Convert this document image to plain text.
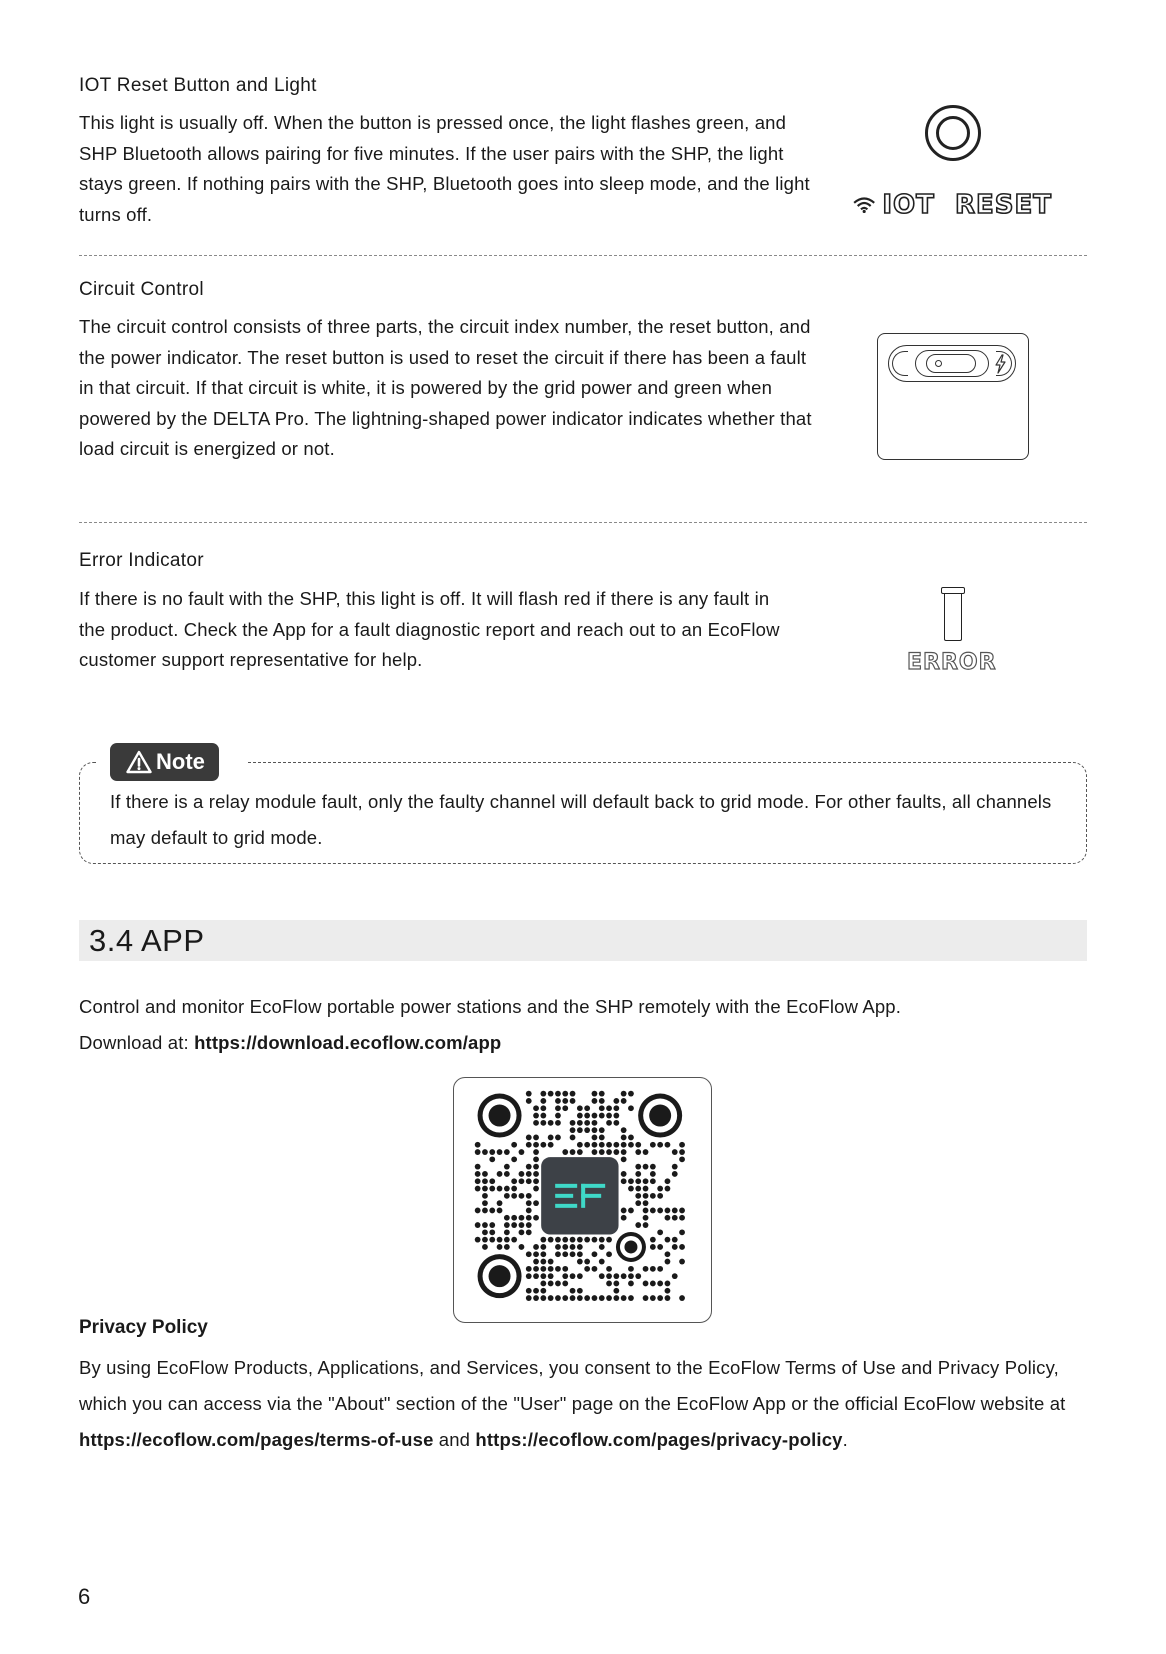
IOT Reset Button and Light
This light is usually off. When the button is pressed once, the light flashes green, and SHP Bluetooth allows pairing for five minutes. If the user pairs with the SHP, the light stays green. If nothing pairs with the SHP, Bluetooth goes into sleep mode, and the light turns off.	IOT  RESET
Circuit Control
The circuit control consists of three parts, the circuit index number, the reset button, and the power indicator. The reset button is used to reset the circuit if there has been a fault in that circuit. If that circuit is white, it is powered by the grid power and green when powered by the DELTA Pro. The lightning-shaped power indicator indicates whether that load circuit is energized or not.
Error Indicator
If there is no fault with the SHP, this light is off. It will flash red if there is any fault in the product. Check the App for a fault diagnostic report and reach out to an EcoFlow customer support representative for help.	ERROR
Note
If there is a relay module fault, only the faulty channel will default back to grid mode. For other faults, all channels may default to grid mode.
3.4 APP
Control and monitor EcoFlow portable power stations and the SHP remotely with the EcoFlow App.
Download at: https://download.ecoflow.com/app
Privacy Policy
By using EcoFlow Products, Applications, and Services, you consent to the EcoFlow Terms of Use and Privacy Policy, which you can access via the "About" section of the "User" page on the EcoFlow App or the official EcoFlow website at https://ecoflow.com/pages/terms-of-use and https://ecoflow.com/pages/privacy-policy.
6
